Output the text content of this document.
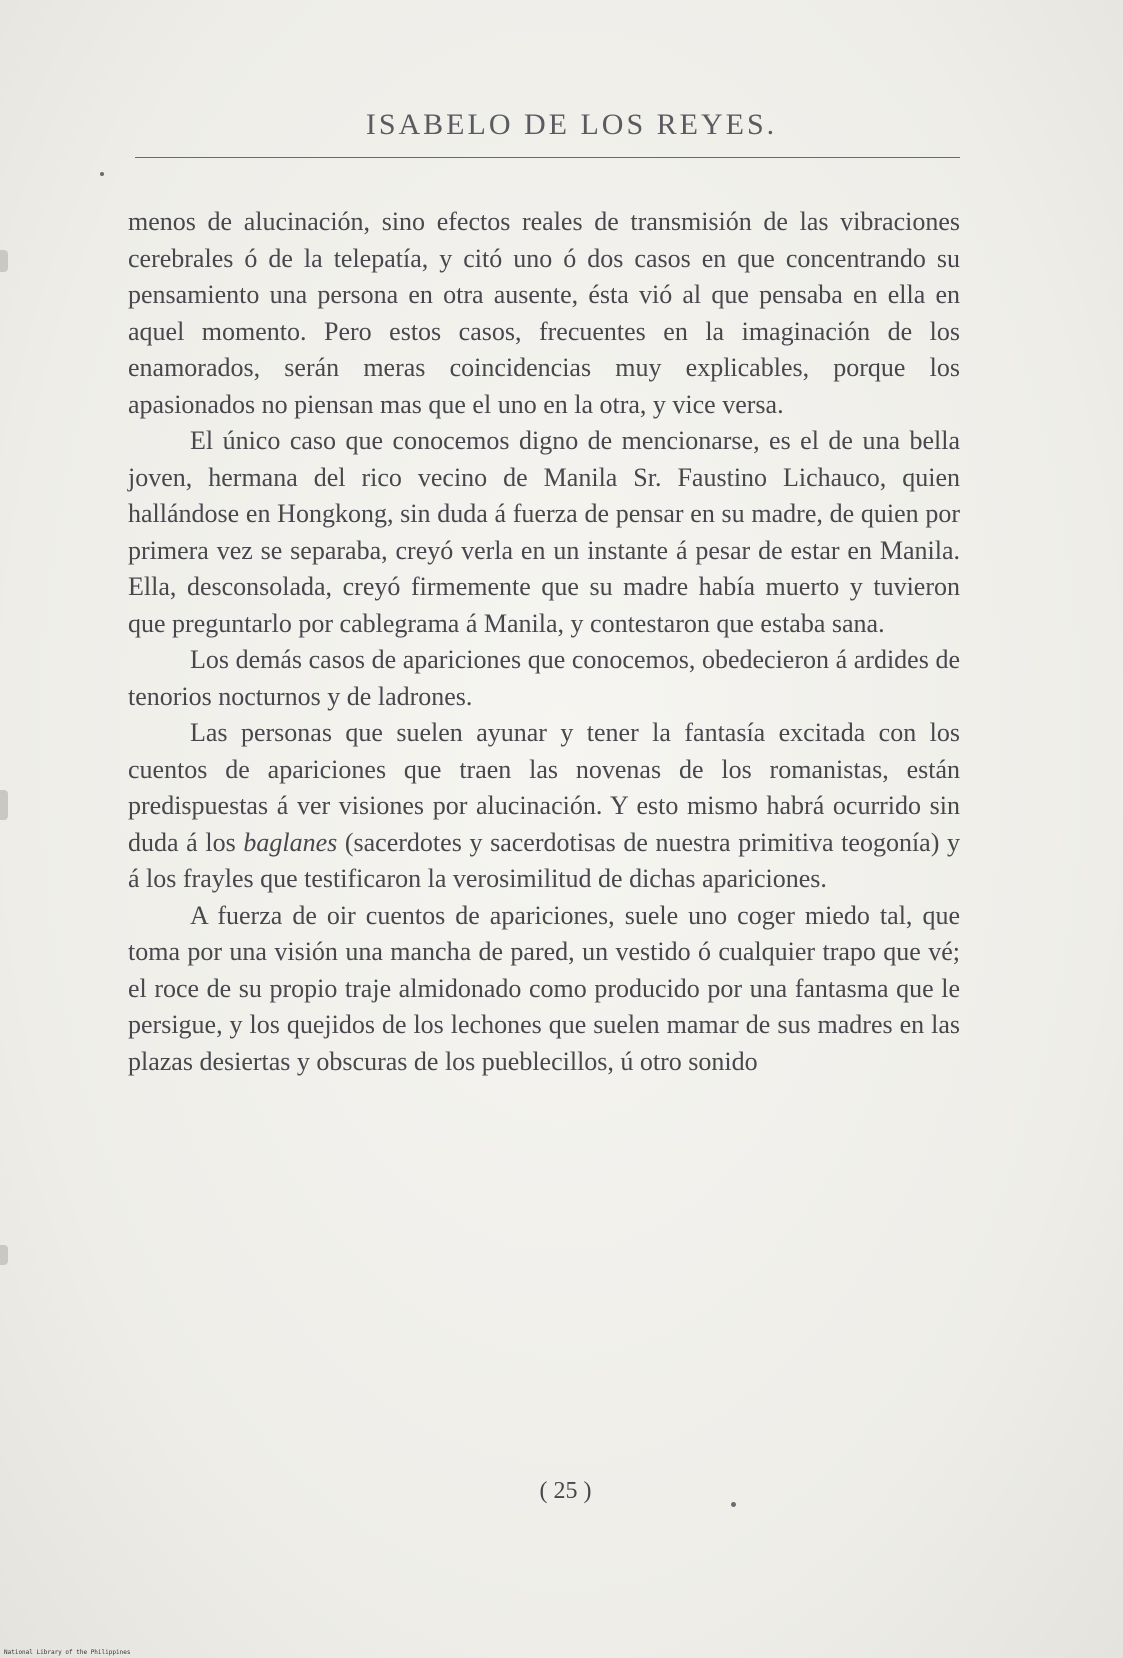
ISABELO DE LOS REYES.

menos de alucinación, sino efectos reales de transmisión de las vibraciones cerebrales ó de la telepatía, y citó uno ó dos casos en que concentrando su pensamiento una persona en otra ausente, ésta vió al que pensaba en ella en aquel momento. Pero estos casos, frecuentes en la imaginación de los enamorados, serán meras coincidencias muy explicables, porque los apasionados no piensan mas que el uno en la otra, y vice versa.

El único caso que conocemos digno de mencionarse, es el de una bella joven, hermana del rico vecino de Manila Sr. Faustino Lichauco, quien hallándose en Hongkong, sin duda á fuerza de pensar en su madre, de quien por primera vez se separaba, creyó verla en un instante á pesar de estar en Manila. Ella, desconsolada, creyó firmemente que su madre había muerto y tuvieron que preguntarlo por cablegrama á Manila, y contestaron que estaba sana.

Los demás casos de apariciones que conocemos, obedecieron á ardides de tenorios nocturnos y de ladrones.

Las personas que suelen ayunar y tener la fantasía excitada con los cuentos de apariciones que traen las novenas de los romanistas, están predispuestas á ver visiones por alucinación. Y esto mismo habrá ocurrido sin duda á los baglanes (sacerdotes y sacerdotisas de nuestra primitiva teogonía) y á los frayles que testificaron la verosimilitud de dichas apariciones.

A fuerza de oir cuentos de apariciones, suele uno coger miedo tal, que toma por una visión una mancha de pared, un vestido ó cualquier trapo que vé; el roce de su propio traje almidonado como producido por una fantasma que le persigue, y los quejidos de los lechones que suelen mamar de sus madres en las plazas desiertas y obscuras de los pueblecillos, ú otro sonido

( 25 )
National Library of the Philippines
